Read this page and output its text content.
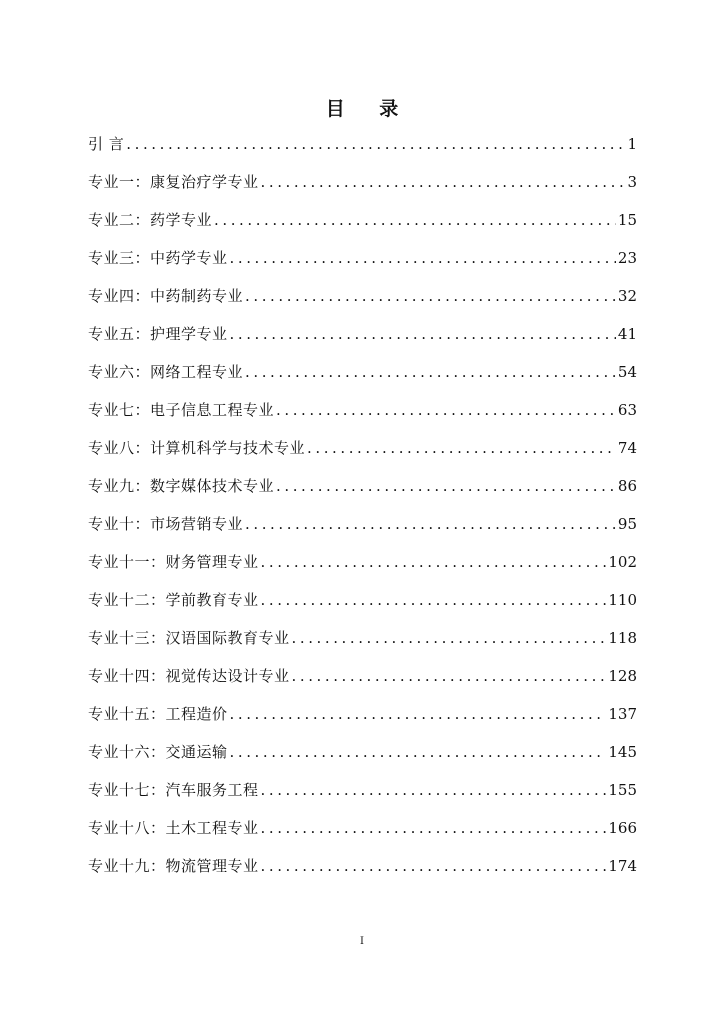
目 录
引 言 . . .	1
专业一：康复治疗学专业 . . .	3
专业二：药学专业 . . .	15
专业三：中药学专业 . . .	23
专业四：中药制药专业 . . .	32
专业五：护理学专业 . . .	41
专业六：网络工程专业 . . .	54
专业七：电子信息工程专业 . . .	63
专业八：计算机科学与技术专业 . . .	74
专业九：数字媒体技术专业 . . .	86
专业十：市场营销专业 . . .	95
专业十一：财务管理专业 . . .	102
专业十二：学前教育专业 . . .	110
专业十三：汉语国际教育专业 . . .	118
专业十四：视觉传达设计专业 . . .	128
专业十五：工程造价 . . .	137
专业十六：交通运输 . . .	145
专业十七：汽车服务工程 . . .	155
专业十八：土木工程专业 . . .	166
专业十九：物流管理专业 . . .	174
I
